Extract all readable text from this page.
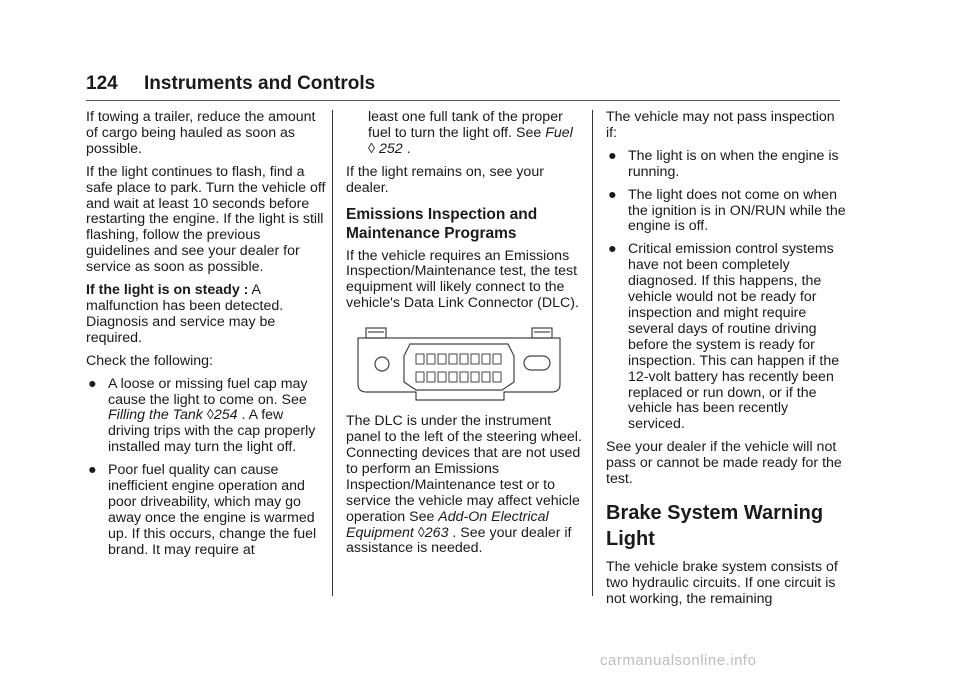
124 Instruments and Controls

If towing a trailer, reduce the amount of cargo being hauled as soon as possible.

If the light continues to flash, find a safe place to park. Turn the vehicle off and wait at least 10 seconds before restarting the engine. If the light is still flashing, follow the previous guidelines and see your dealer for service as soon as possible.

If the light is on steady : A malfunction has been detected. Diagnosis and service may be required.

Check the following:

● A loose or missing fuel cap may cause the light to come on. See Filling the Tank ◊254 . A few driving trips with the cap properly installed may turn the light off.
● Poor fuel quality can cause inefficient engine operation and poor driveability, which may go away once the engine is warmed up. If this occurs, change the fuel brand. It may require at
least one full tank of the proper fuel to turn the light off. See Fuel
◊ 252 .

If the light remains on, see your dealer.

Emissions Inspection and Maintenance Programs

If the vehicle requires an Emissions Inspection/Maintenance test, the test equipment will likely connect to the vehicle's Data Link Connector (DLC).

The DLC is under the instrument panel to the left of the steering wheel. Connecting devices that are not used to perform an Emissions Inspection/Maintenance test or to service the vehicle may affect vehicle operation See Add-On Electrical Equipment ◊263 . See your dealer if assistance is needed.

The vehicle may not pass inspection if:

● The light is on when the engine is running.
● The light does not come on when the ignition is in ON/RUN while the engine is off.
● Critical emission control systems have not been completely diagnosed. If this happens, the vehicle would not be ready for inspection and might require several days of routine driving before the system is ready for inspection. This can happen if the 12-volt battery has recently been replaced or run down, or if the vehicle has been recently serviced.

See your dealer if the vehicle will not pass or cannot be made ready for the test.

Brake System Warning Light

The vehicle brake system consists of two hydraulic circuits. If one circuit is not working, the remaining

carmanualsonline.info
